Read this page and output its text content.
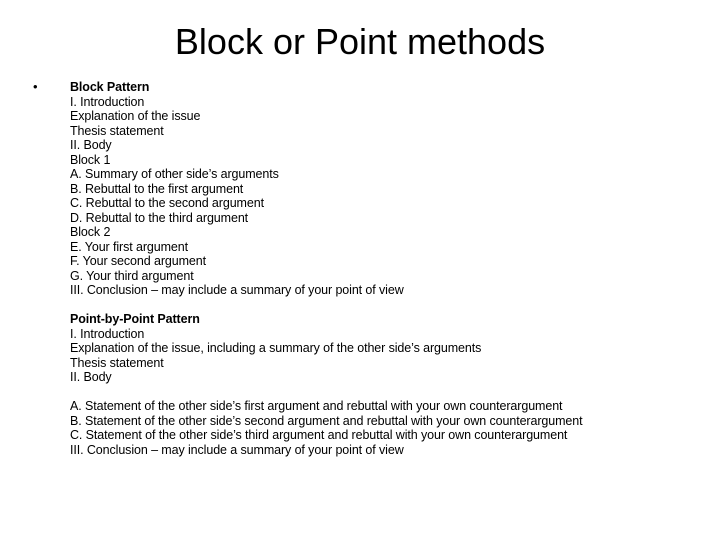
Block or Point methods
•	Block Pattern
I. Introduction
Explanation of the issue
Thesis statement
II. Body
Block 1
A. Summary of other side’s arguments
B. Rebuttal to the first argument
C. Rebuttal to the second argument
D. Rebuttal to the third argument
Block 2
E. Your first argument
F. Your second argument
G. Your third argument
III. Conclusion – may include a summary of your point of view
Point-by-Point Pattern
I. Introduction
Explanation of the issue, including a summary of the other side’s arguments
Thesis statement
II. Body
A. Statement of the other side’s first argument and rebuttal with your own counterargument
B. Statement of the other side’s second argument and rebuttal with your own counterargument
C. Statement of the other side’s third argument and rebuttal with your own counterargument
III. Conclusion – may include a summary of your point of view
